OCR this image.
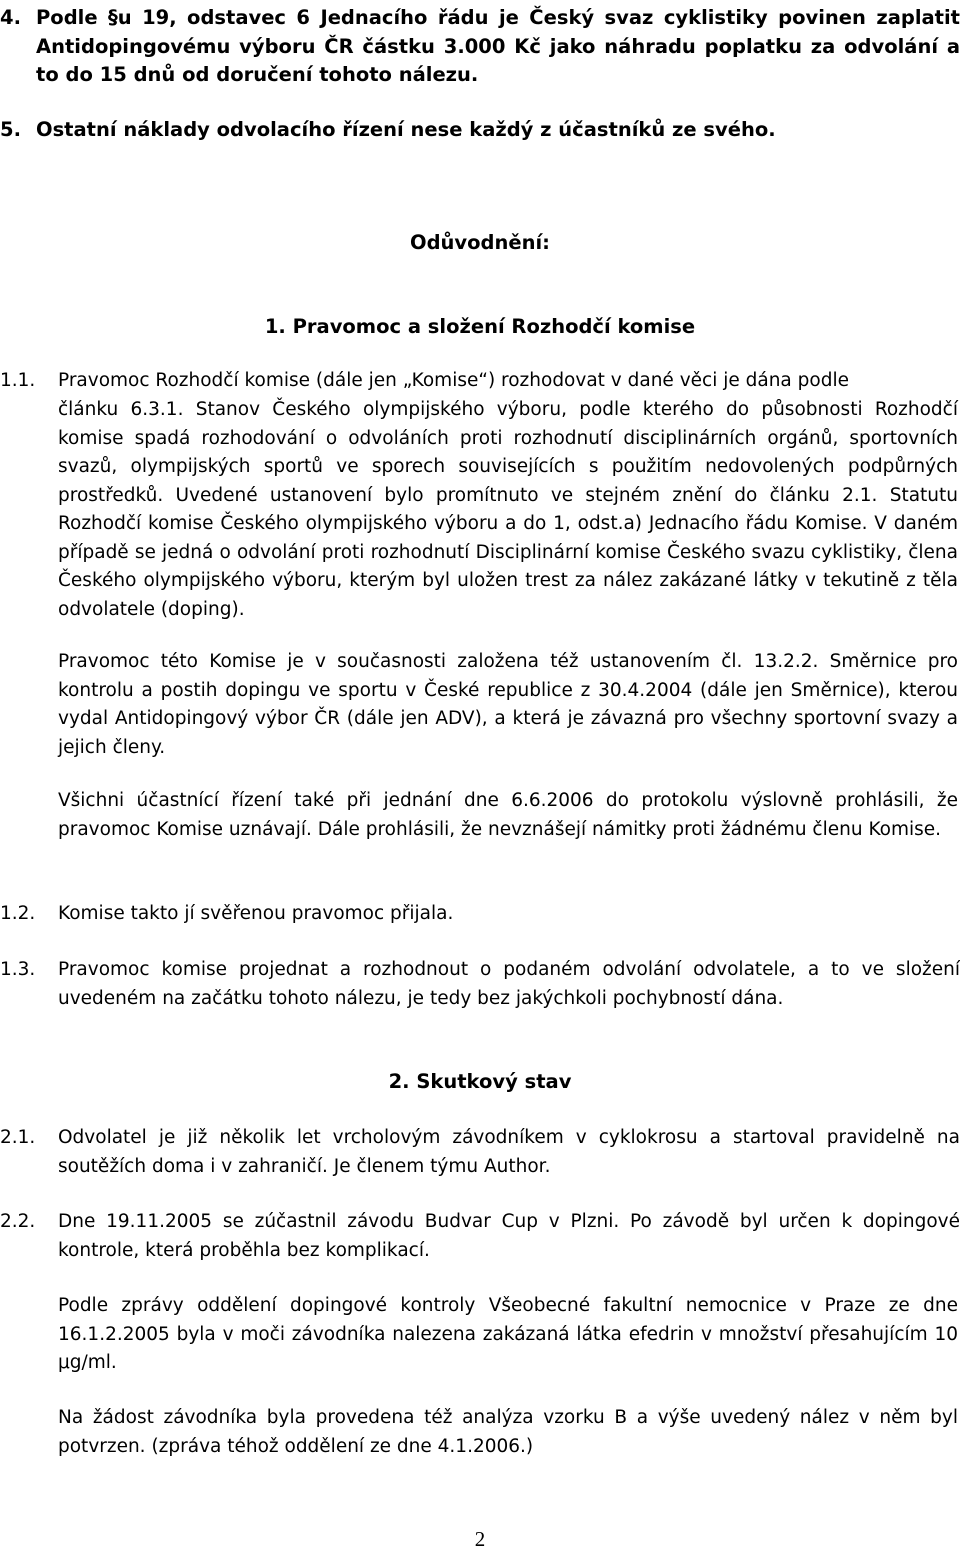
4. Podle §u 19, odstavec 6 Jednacího řádu je Český svaz cyklistiky povinen zaplatit Antidopingovému výboru ČR částku 3.000 Kč jako náhradu poplatku za odvolání a to do 15 dnů od doručení tohoto nálezu.
5. Ostatní náklady odvolacího řízení nese každý z účastníků ze svého.
Odůvodnění:
1. Pravomoc a složení Rozhodčí komise
1.1.	Pravomoc Rozhodčí komise (dále jen „Komise“) rozhodovat v dané věci je dána podle
článku 6.3.1. Stanov Českého olympijského výboru, podle kterého do působnosti Rozhodčí komise spadá rozhodování o odvoláních proti rozhodnutí disciplinárních orgánů, sportovních svazů, olympijských sportů ve sporech souvisejících s použitím nedovolených podpůrných prostředků. Uvedené ustanovení bylo promítnuto ve stejném znění do článku 2.1. Statutu Rozhodčí komise Českého olympijského výboru a do 1, odst.a) Jednacího řádu Komise. V daném případě se jedná o odvolání proti rozhodnutí Disciplinární komise Českého svazu cyklistiky, člena Českého olympijského výboru, kterým byl uložen trest za nález zakázané látky v tekutině z těla odvolatele (doping).
Pravomoc této Komise je v současnosti založena též ustanovením čl. 13.2.2. Směrnice pro kontrolu a postih dopingu ve sportu v České republice z 30.4.2004 (dále jen Směrnice), kterou vydal Antidopingový výbor ČR (dále jen ADV), a která je závazná pro všechny sportovní svazy a jejich členy.
Všichni účastnící řízení také při jednání dne 6.6.2006 do protokolu výslovně prohlásili, že pravomoc Komise uznávají. Dále prohlásili, že nevznášejí námitky proti žádnému členu Komise.
1.2.	Komise takto jí svěřenou pravomoc přijala.
1.3.	Pravomoc komise projednat a rozhodnout o podaném odvolání odvolatele, a to ve složení uvedeném na začátku tohoto nálezu, je tedy bez jakýchkoli pochybností dána.
2. Skutkový stav
2.1.	Odvolatel je již několik let vrcholovým závodníkem v cyklokrosu a startoval pravidelně na soutěžích doma i v zahraničí. Je členem týmu Author.
2.2.	Dne 19.11.2005 se zúčastnil závodu Budvar Cup v Plzni. Po závodě byl určen k dopingové kontrole, která proběhla bez komplikací.
Podle zprávy oddělení dopingové kontroly Všeobecné fakultní nemocnice v Praze ze dne 16.1.2.2005 byla v moči závodníka nalezena zakázaná látka efedrin v množství přesahujícím 10 μg/ml.
Na žádost závodníka byla provedena též analýza vzorku B a výše uvedený nález v něm byl potvrzen. (zpráva téhož oddělení ze dne 4.1.2006.)
2
